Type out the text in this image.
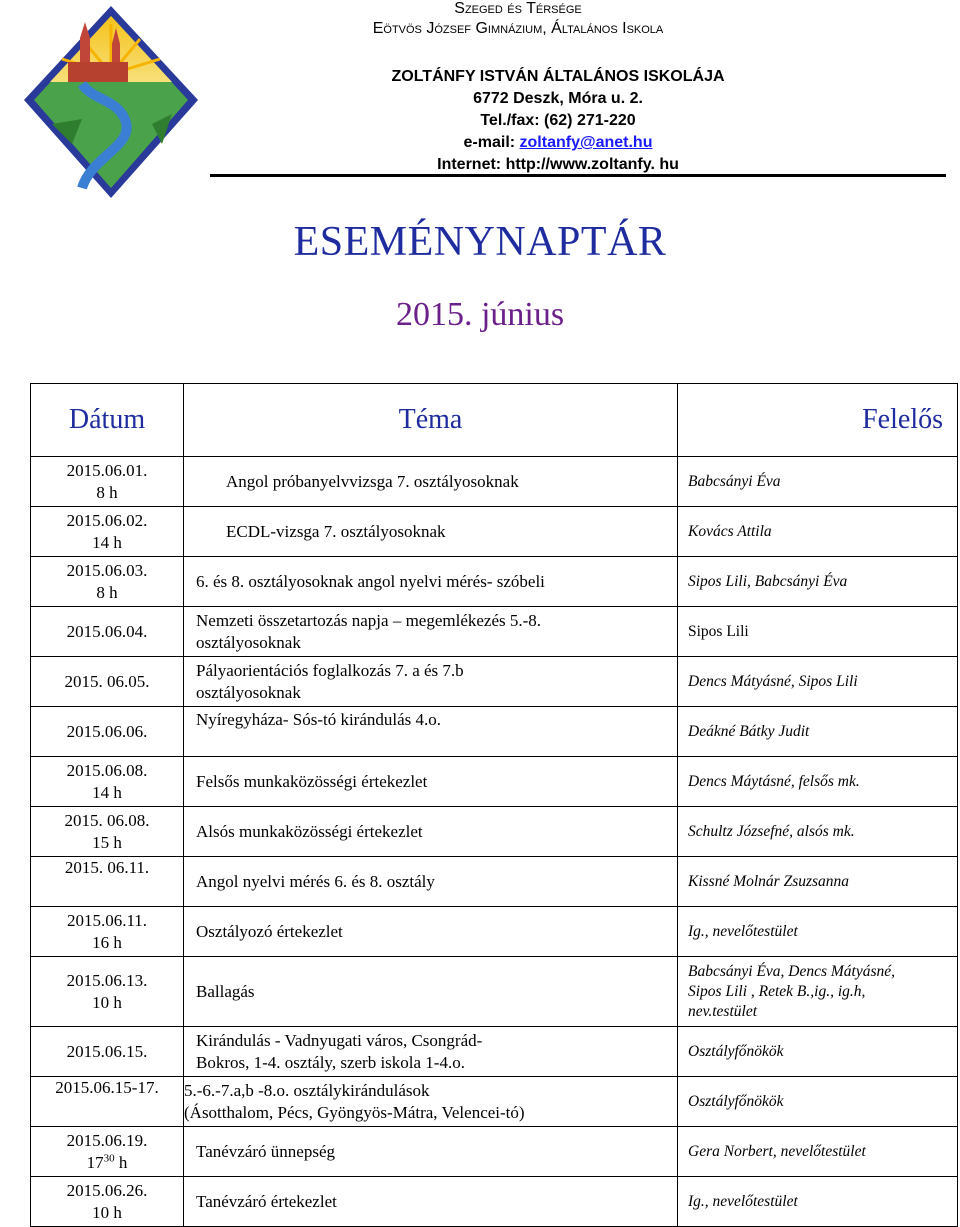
Szeged és Térsége
Eötvös József Gimnázium, Általános Iskola
ZOLTÁNFY ISTVÁN ÁLTALÁNOS ISKOLÁJA
6772 Deszk, Móra u. 2.
Tel./fax: (62) 271-220
e-mail: zoltanfy@anet.hu
Internet: http://www.zoltanfy. hu
ESEMÉNYNAPTÁR
2015. június
Dátum	Téma	Felelős

2015.06.01.
8 h	Angol próbanyelvvizsga 7. osztályosoknak	Babcsányi Éva

2015.06.02.
14 h	ECDL-vizsga 7. osztályosoknak	Kovács Attila

2015.06.03.
8 h	6. és 8. osztályosoknak angol nyelvi mérés- szóbeli	Sipos Lili, Babcsányi Éva

2015.06.04.	Nemzeti összetartozás napja – megemlékezés 5.-8.
osztályosoknak	Sipos Lili

2015. 06.05.	Pályaorientációs foglalkozás 7. a és 7.b
osztályosoknak	Dencs Mátyásné, Sipos Lili

2015.06.06.	Nyíregyháza- Sós-tó kirándulás 4.o.	Deákné Bátky Judit

2015.06.08.
14 h	Felsős munkaközösségi értekezlet	Dencs Máytásné, felsős mk.

2015. 06.08.
15 h	Alsós munkaközösségi értekezlet	Schultz Józsefné, alsós mk.

2015. 06.11.	Angol nyelvi mérés 6. és 8. osztály	Kissné Molnár Zsuzsanna

2015.06.11.
16 h	Osztályozó értekezlet	Ig., nevelőtestület

2015.06.13.
10 h	Ballagás	Babcsányi Éva, Dencs Mátyásné, Sipos Lili , Retek B.,ig., ig.h, nev.testület

2015.06.15.	Kirándulás - Vadnyugati város, Csongrád-
Bokros, 1-4. osztály, szerb iskola 1-4.o.	Osztályfőnökök

2015.06.15-17.	5.-6.-7.a,b -8.o. osztálykirándulások
(Ásotthalom, Pécs, Gyöngyös-Mátra, Velencei-tó)	Osztályfőnökök

2015.06.19.
$17^{30}$ h	Tanévzáró ünnepség	Gera Norbert, nevelőtestület

2015.06.26.
10 h	Tanévzáró értekezlet	Ig., nevelőtestület
